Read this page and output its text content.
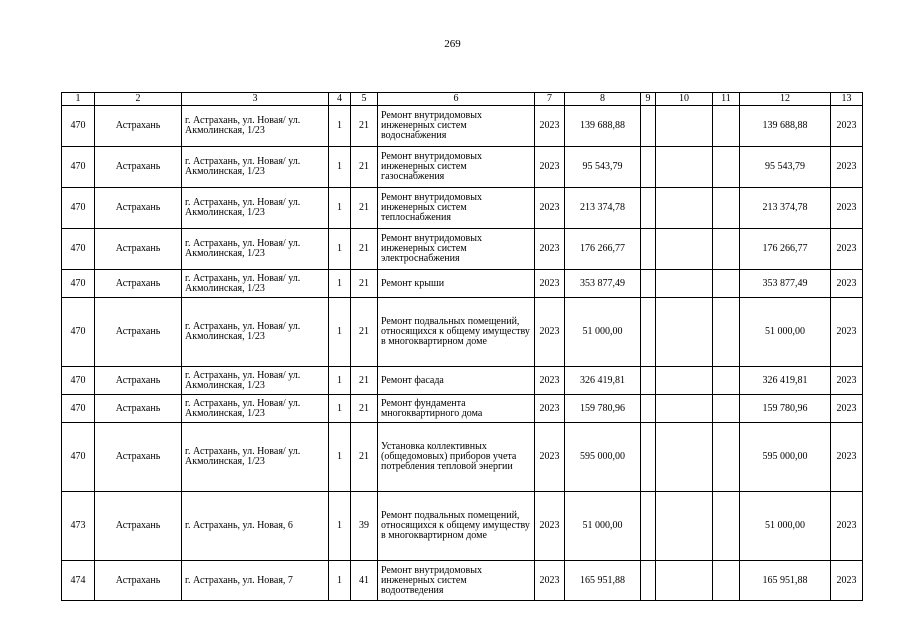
269
1	2	3	4	5	6	7	8	9	10	11	12	13
470	Астрахань	г. Астрахань, ул. Новая/ ул. Акмолинская, 1/23	1	21	Ремонт внутридомовых инженерных систем водоснабжения	2023	139 688,88				139 688,88	2023
470	Астрахань	г. Астрахань, ул. Новая/ ул. Акмолинская, 1/23	1	21	Ремонт внутридомовых инженерных систем газоснабжения	2023	95 543,79				95 543,79	2023
470	Астрахань	г. Астрахань, ул. Новая/ ул. Акмолинская, 1/23	1	21	Ремонт внутридомовых инженерных систем теплоснабжения	2023	213 374,78				213 374,78	2023
470	Астрахань	г. Астрахань, ул. Новая/ ул. Акмолинская, 1/23	1	21	Ремонт внутридомовых инженерных систем электроснабжения	2023	176 266,77				176 266,77	2023
470	Астрахань	г. Астрахань, ул. Новая/ ул. Акмолинская, 1/23	1	21	Ремонт крыши	2023	353 877,49				353 877,49	2023
470	Астрахань	г. Астрахань, ул. Новая/ ул. Акмолинская, 1/23	1	21	Ремонт подвальных помещений, относящихся к общему имуществу в многоквартирном доме	2023	51 000,00				51 000,00	2023
470	Астрахань	г. Астрахань, ул. Новая/ ул. Акмолинская, 1/23	1	21	Ремонт фасада	2023	326 419,81				326 419,81	2023
470	Астрахань	г. Астрахань, ул. Новая/ ул. Акмолинская, 1/23	1	21	Ремонт фундамента многоквартирного дома	2023	159 780,96				159 780,96	2023
470	Астрахань	г. Астрахань, ул. Новая/ ул. Акмолинская, 1/23	1	21	Установка коллективных (общедомовых) приборов учета потребления тепловой энергии	2023	595 000,00				595 000,00	2023
473	Астрахань	г. Астрахань, ул. Новая, 6	1	39	Ремонт подвальных помещений, относящихся к общему имуществу в многоквартирном доме	2023	51 000,00				51 000,00	2023
474	Астрахань	г. Астрахань, ул. Новая, 7	1	41	Ремонт внутридомовых инженерных систем водоотведения	2023	165 951,88				165 951,88	2023
